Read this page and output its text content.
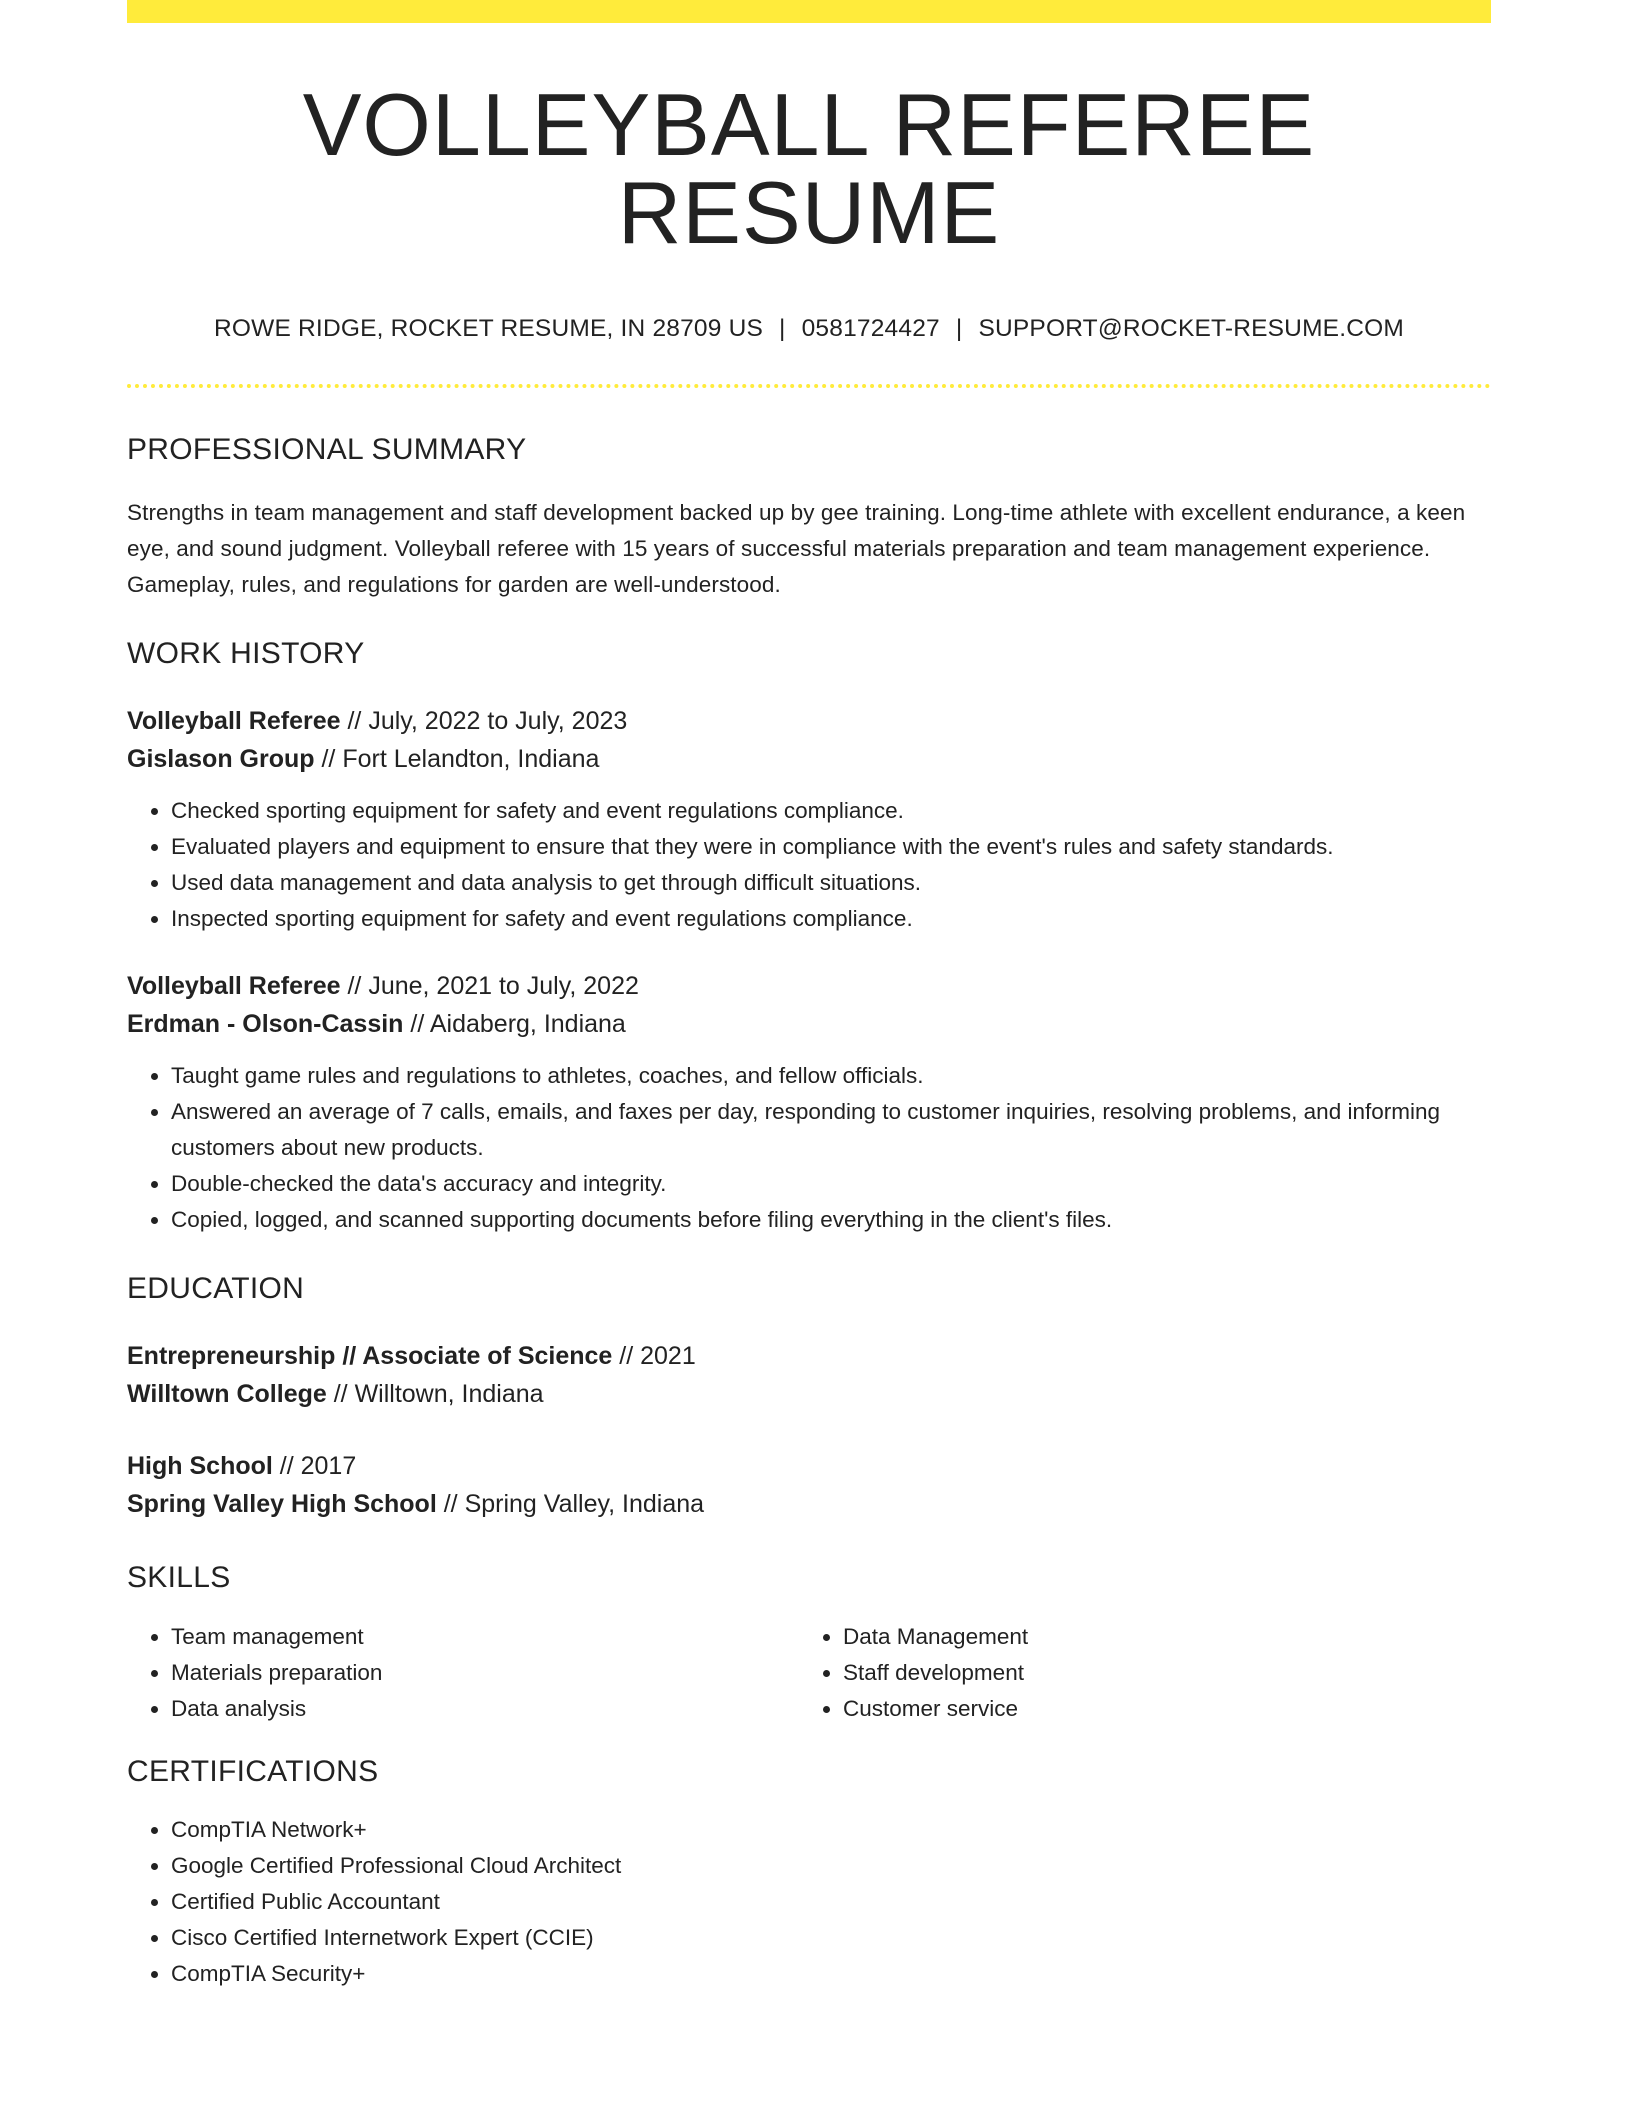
VOLLEYBALL REFEREE RESUME
ROWE RIDGE, ROCKET RESUME, IN 28709 US | 0581724427 | SUPPORT@ROCKET-RESUME.COM
PROFESSIONAL SUMMARY

Strengths in team management and staff development backed up by gee training. Long-time athlete with excellent endurance, a keen eye, and sound judgment. Volleyball referee with 15 years of successful materials preparation and team management experience. Gameplay, rules, and regulations for garden are well-understood.

WORK HISTORY
Volleyball Referee // July, 2022 to July, 2023
Gislason Group // Fort Lelandton, Indiana
• Checked sporting equipment for safety and event regulations compliance.
• Evaluated players and equipment to ensure that they were in compliance with the event's rules and safety standards.
• Used data management and data analysis to get through difficult situations.
• Inspected sporting equipment for safety and event regulations compliance.
Volleyball Referee // June, 2021 to July, 2022
Erdman - Olson-Cassin // Aidaberg, Indiana
• Taught game rules and regulations to athletes, coaches, and fellow officials.
• Answered an average of 7 calls, emails, and faxes per day, responding to customer inquiries, resolving problems, and informing customers about new products.
• Double-checked the data's accuracy and integrity.
• Copied, logged, and scanned supporting documents before filing everything in the client's files.
EDUCATION
Entrepreneurship // Associate of Science // 2021
Willtown College // Willtown, Indiana
High School // 2017
Spring Valley High School // Spring Valley, Indiana
SKILLS
• Team management
• Materials preparation
• Data analysis
• Data Management
• Staff development
• Customer service
CERTIFICATIONS
• CompTIA Network+
• Google Certified Professional Cloud Architect
• Certified Public Accountant
• Cisco Certified Internetwork Expert (CCIE)
• CompTIA Security+
